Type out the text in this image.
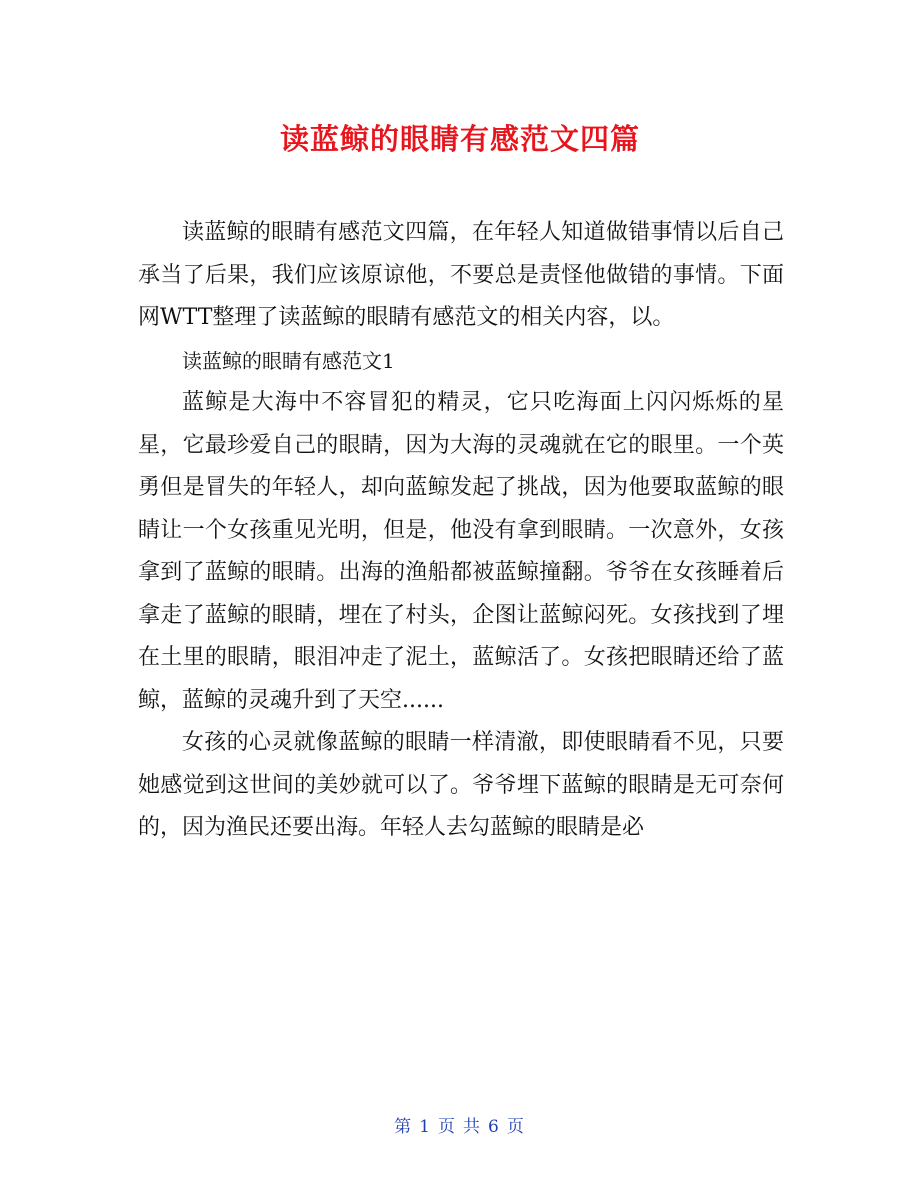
读蓝鲸的眼睛有感范文四篇

读蓝鲸的眼睛有感范文四篇，在年轻人知道做错事情以后自己承当了后果，我们应该原谅他，不要总是责怪他做错的事情。下面网WTT整理了读蓝鲸的眼睛有感范文的相关内容，以。

读蓝鲸的眼睛有感范文1

蓝鲸是大海中不容冒犯的精灵，它只吃海面上闪闪烁烁的星星，它最珍爱自己的眼睛，因为大海的灵魂就在它的眼里。一个英勇但是冒失的年轻人，却向蓝鲸发起了挑战，因为他要取蓝鲸的眼睛让一个女孩重见光明，但是，他没有拿到眼睛。一次意外，女孩拿到了蓝鲸的眼睛。出海的渔船都被蓝鲸撞翻。爷爷在女孩睡着后拿走了蓝鲸的眼睛，埋在了村头，企图让蓝鲸闷死。女孩找到了埋在土里的眼睛，眼泪冲走了泥土，蓝鲸活了。女孩把眼睛还给了蓝鲸，蓝鲸的灵魂升到了天空......

女孩的心灵就像蓝鲸的眼睛一样清澈，即使眼睛看不见，只要她感觉到这世间的美妙就可以了。爷爷埋下蓝鲸的眼睛是无可奈何的，因为渔民还要出海。年轻人去勾蓝鲸的眼睛是必

第 1 页 共 6 页
